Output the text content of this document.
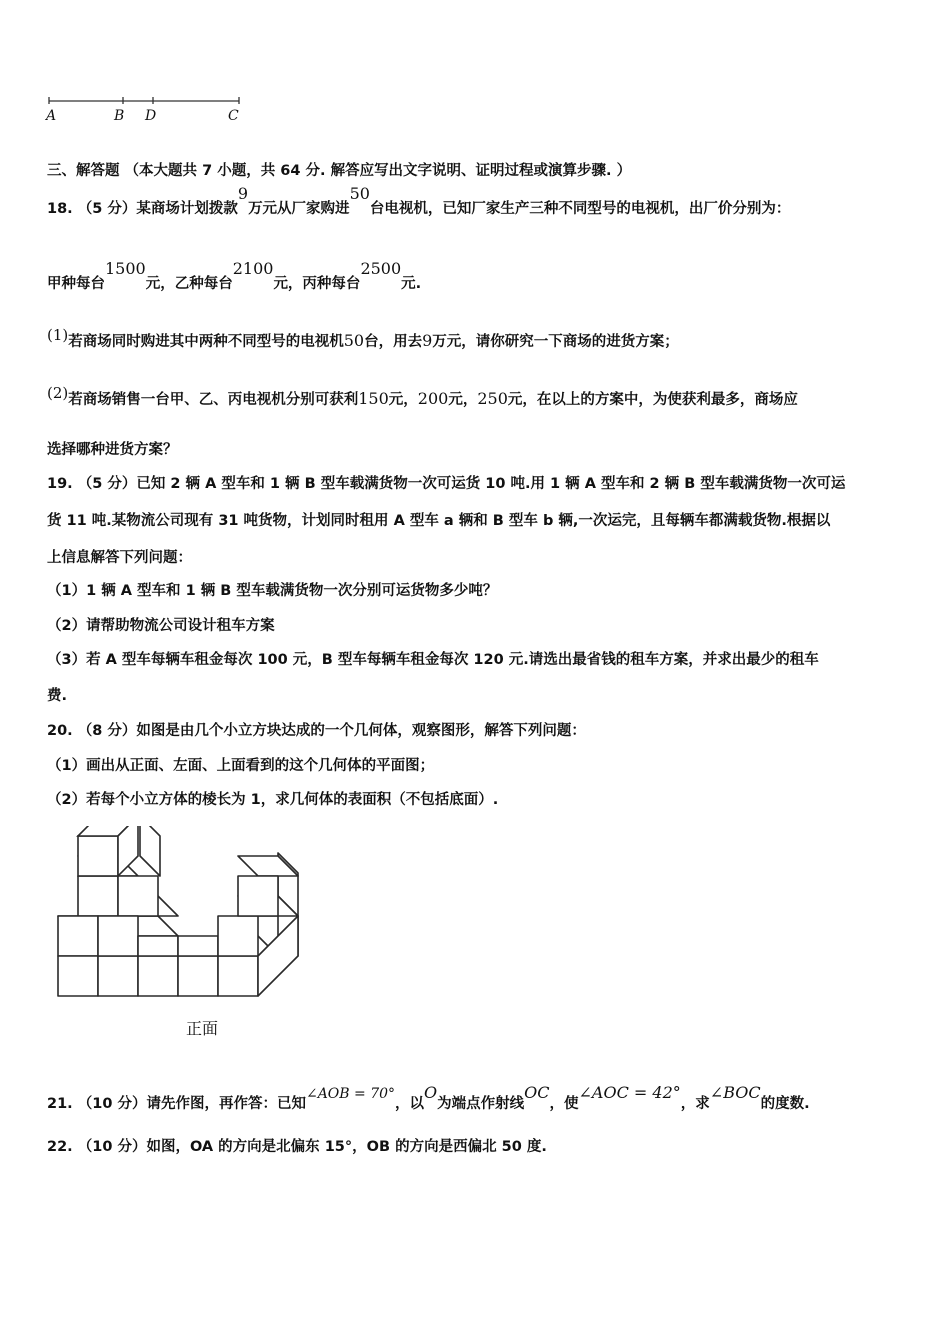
A	B D	C
三、解答题 （本大题共 7 小题，共 64 分. 解答应写出文字说明、证明过程或演算步骤. ）
18. （5 分）某商场计划拨款9万元从厂家购进50台电视机，已知厂家生产三种不同型号的电视机，出厂价分别为：
甲种每台1500元，乙种每台2100元，丙种每台2500元.
(1)若商场同时购进其中两种不同型号的电视机50台，用去9万元，请你研究一下商场的进货方案；
(2)若商场销售一台甲、乙、丙电视机分别可获利150元，200元，250元，在以上的方案中，为使获利最多，商场应
选择哪种进货方案？
19. （5 分）已知 2 辆 A 型车和 1 辆 B 型车载满货物一次可运货 10 吨.用 1 辆 A 型车和 2 辆 B 型车载满货物一次可运
货 11 吨.某物流公司现有 31 吨货物，计划同时租用 A 型车 a 辆和 B 型车 b 辆,一次运完，且每辆车都满载货物.根据以
上信息解答下列问题：
（1）1 辆 A 型车和 1 辆 B 型车载满货物一次分别可运货物多少吨？
（2）请帮助物流公司设计租车方案
（3）若 A 型车每辆车租金每次 100 元，B 型车每辆车租金每次 120 元.请选出最省钱的租车方案，并求出最少的租车
费.
20. （8 分）如图是由几个小立方块达成的一个几何体，观察图形，解答下列问题：
（1）画出从正面、左面、上面看到的这个几何体的平面图；
（2）若每个小立方体的棱长为 1，求几何体的表面积（不包括底面）.
正面
21. （10 分）请先作图，再作答：已知∠AOB = 70°，以O为端点作射线OC，使∠AOC = 42°，求∠BOC的度数.
22. （10 分）如图，OA 的方向是北偏东 15°，OB 的方向是西偏北 50 度.
